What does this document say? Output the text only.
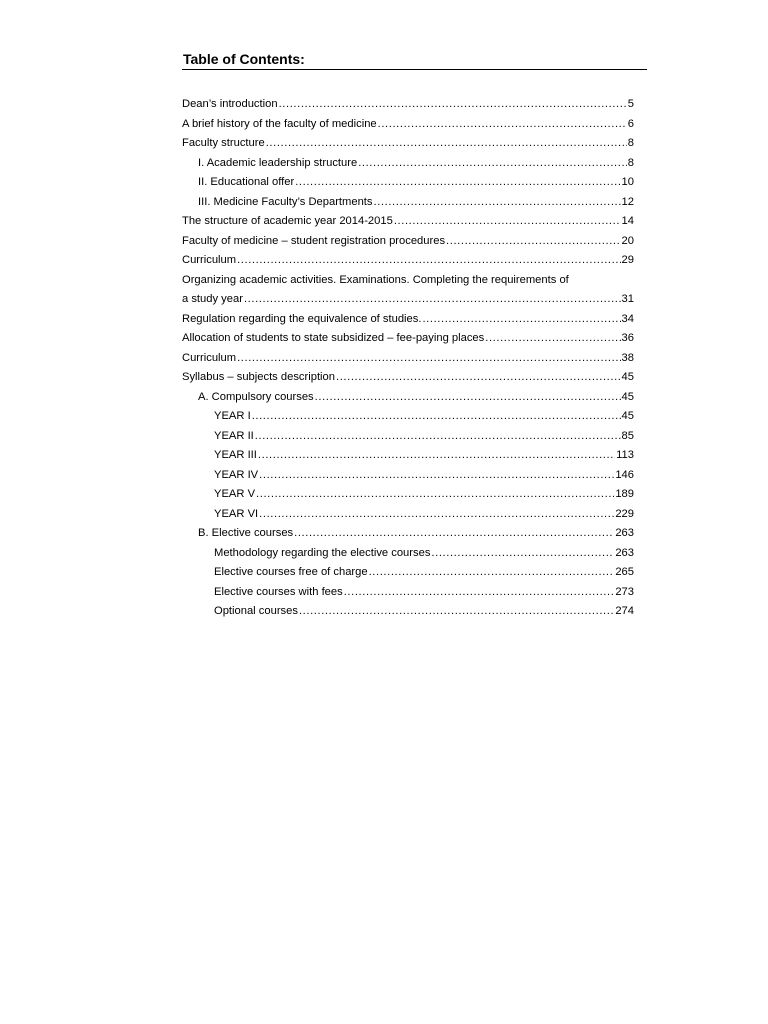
Table of Contents:
Dean’s introduction .....	5
A brief history of the faculty of medicine .....	6
Faculty structure .....	8
I. Academic leadership structure .....	8
II. Educational offer .....	10
III. Medicine Faculty’s Departments .....	12
The structure of academic year 2014-2015 .....	14
Faculty of medicine – student registration procedures .....	20
Curriculum .....	29
Organizing academic activities. Examinations. Completing the requirements of
a study year .....	31
Regulation regarding the equivalence of studies. .....	34
Allocation of students to state subsidized – fee-paying places .....	36
Curriculum .....	38
Syllabus – subjects description .....	45
A. Compulsory courses .....	45
YEAR I .....	45
YEAR II .....	85
YEAR III .....	113
YEAR IV .....	146
YEAR V .....	189
YEAR VI .....	229
B. Elective courses .....	263
Methodology regarding the elective courses .....	263
Elective courses free of charge .....	265
Elective courses with fees .....	273
Optional courses .....	274
